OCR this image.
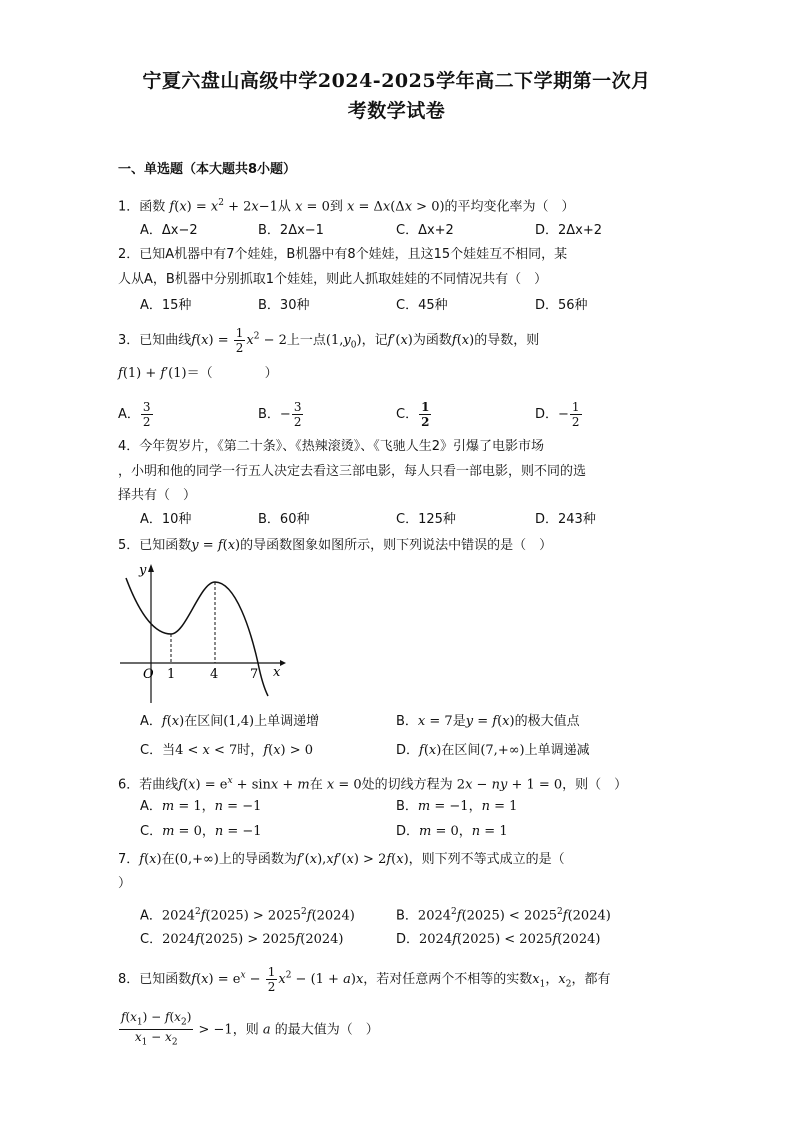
宁夏六盘山高级中学2024-2025学年高二下学期第一次月
考数学试卷
一、单选题（本大题共8小题）
1．函数 $f(x) = x^2 + 2x-1$从 x = 0到 x = Δx(Δx > 0)的平均变化率为（　）
A．Δx−2	B．2Δx−1	C．Δx+2	D．2Δx+2
2．已知A机器中有7个娃娃，B机器中有8个娃娃，且这15个娃娃互不相同，某
人从A，B机器中分别抓取1个娃娃，则此人抓取娃娃的不同情况共有（　）
A．15种	B．30种	C．45种	D．56种
3．已知曲线$f(x) = \frac{1}{2} x^2 - 2$上一点$(1,y_0)$，记f′(x)为函数f(x)的导数，则
f(1) + f′(1)＝（　　　　）
A． $\frac{3}{2}$	B．− $\frac{3}{2}$	C． $\frac{1}{2}$	D．− $\frac{1}{2}$
4．今年贺岁片，《第二十条》、《热辣滚烫》、《飞驰人生2》引爆了电影市场
，小明和他的同学一行五人决定去看这三部电影，每人只看一部电影，则不同的选
择共有（　）
A．10种	B．60种	C．125种	D．243种
5．已知函数y = f(x)的导函数图象如图所示，则下列说法中错误的是（　）
y
x
O 1	4 7
A．f(x)在区间(1,4)上单调递增	B．x = 7是y = f(x)的极大值点
C．当4 < x < 7时，f(x) > 0	D．f(x)在区间(7,+∞)上单调递减
6．若曲线$f(x) = e^x + \sin x + m$在 x = 0处的切线方程为 2x − ny + 1 = 0，则（　）
A．m = 1，n = −1	B．m = −1，n = 1
C．m = 0，n = −1	D．m = 0，n = 1
7．f(x)在(0,+∞)上的导函数为f′(x),xf′(x) > 2f(x)，则下列不等式成立的是（
）
A．$2024^2f(2025) > 2025^2f(2024)$	B．$2024^2f(2025) < 2025^2f(2024)$
C．2024f(2025) > 2025f(2024)	D．2024f(2025) < 2025f(2024)
8．已知函数$f(x) = e^x - \frac{1}{2} x^2 - (1 + a)x$，若对任意两个不相等的实数$x_1$，$x_2$，都有
$\frac{f(x_1) - f(x_2)}{x_1 - x_2} > -1$，则 a 的最大值为（　）
